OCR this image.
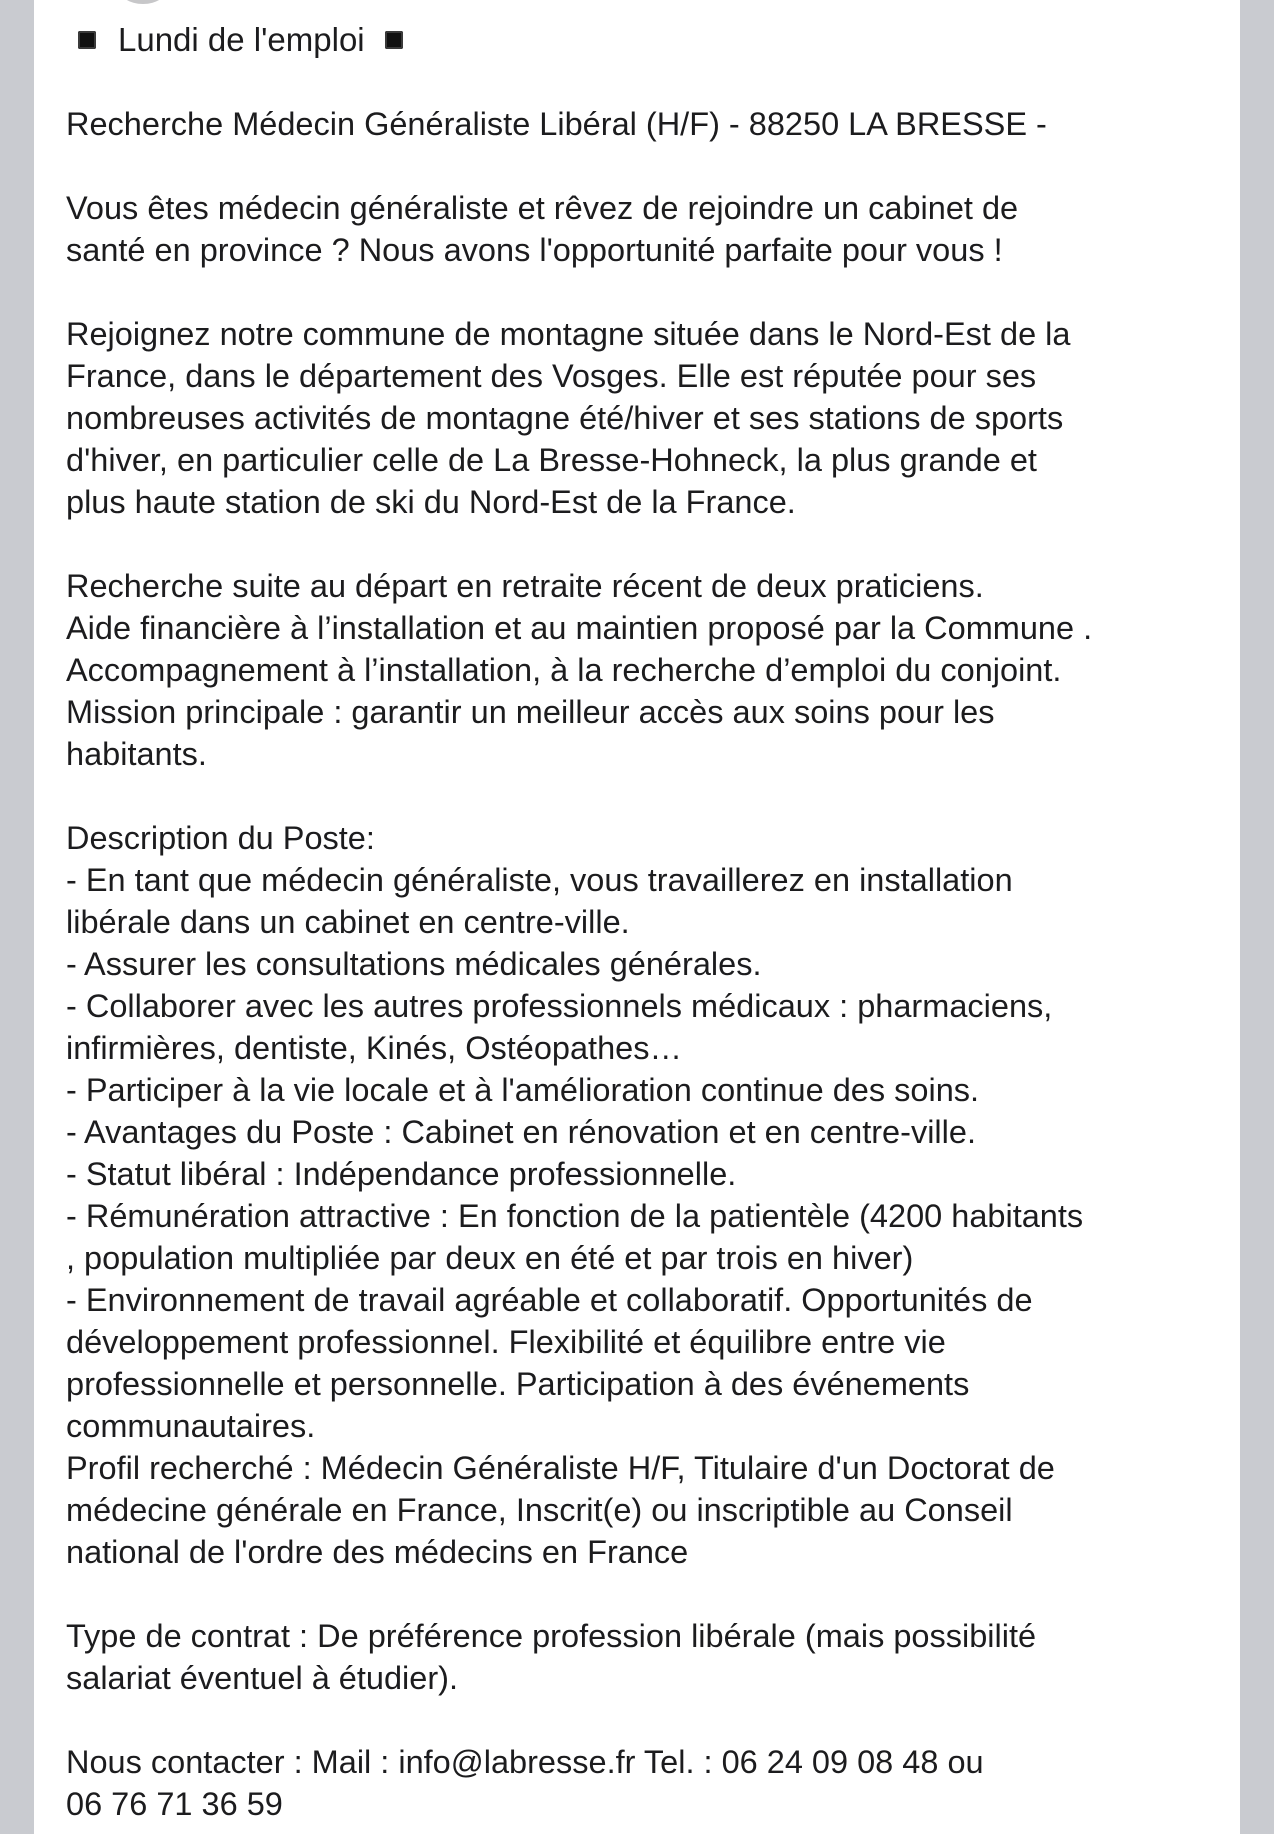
Lundi de l'emploi
Recherche Médecin Généraliste Libéral (H/F) - 88250 LA BRESSE -
Vous êtes médecin généraliste et rêvez de rejoindre un cabinet de
santé en province ? Nous avons l'opportunité parfaite pour vous !
Rejoignez notre commune de montagne située dans le Nord-Est de la
France, dans le département des Vosges. Elle est réputée pour ses
nombreuses activités de montagne été/hiver et ses stations de sports
d'hiver, en particulier celle de La Bresse-Hohneck, la plus grande et
plus haute station de ski du Nord-Est de la France.
Recherche suite au départ en retraite récent de deux praticiens.
Aide financière à l’installation et au maintien proposé par la Commune .
Accompagnement à l’installation, à la recherche d’emploi du conjoint.
Mission principale : garantir un meilleur accès aux soins pour les
habitants.
Description du Poste:
- En tant que médecin généraliste, vous travaillerez en installation
libérale dans un cabinet en centre-ville.
- Assurer les consultations médicales générales.
- Collaborer avec les autres professionnels médicaux : pharmaciens,
infirmières, dentiste, Kinés, Ostéopathes…
- Participer à la vie locale et à l'amélioration continue des soins.
- Avantages du Poste : Cabinet en rénovation et en centre-ville.
- Statut libéral : Indépendance professionnelle.
- Rémunération attractive : En fonction de la patientèle (4200 habitants
, population multipliée par deux en été et par trois en hiver)
- Environnement de travail agréable et collaboratif. Opportunités de
développement professionnel. Flexibilité et équilibre entre vie
professionnelle et personnelle. Participation à des événements
communautaires.
Profil recherché : Médecin Généraliste H/F, Titulaire d'un Doctorat de
médecine générale en France, Inscrit(e) ou inscriptible au Conseil
national de l'ordre des médecins en France
Type de contrat : De préférence profession libérale (mais possibilité
salariat éventuel à étudier).
Nous contacter : Mail : info@labresse.fr Tel. : 06 24 09 08 48 ou
06 76 71 36 59
